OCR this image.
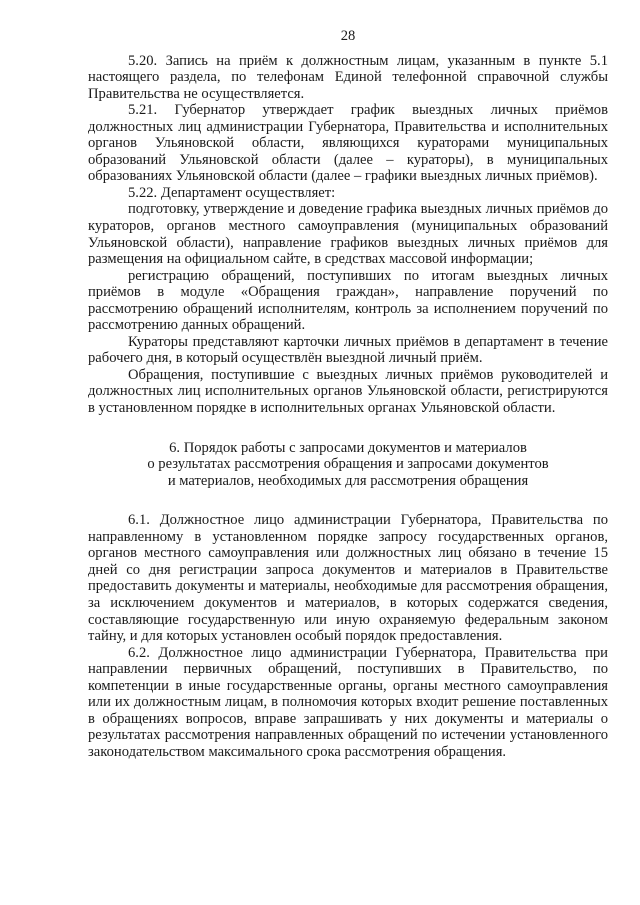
28

5.20. Запись на приём к должностным лицам, указанным в пункте 5.1 настоящего раздела, по телефонам Единой телефонной справочной службы Правительства не осуществляется.

5.21. Губернатор утверждает график выездных личных приёмов должностных лиц администрации Губернатора, Правительства и исполнительных органов Ульяновской области, являющихся кураторами муниципальных образований Ульяновской области (далее – кураторы), в муниципальных образованиях Ульяновской области (далее – графики выездных личных приёмов).

5.22. Департамент осуществляет:

подготовку, утверждение и доведение графика выездных личных приёмов до кураторов, органов местного самоуправления (муниципальных образований Ульяновской области), направление графиков выездных личных приёмов для размещения на официальном сайте, в средствах массовой информации;

регистрацию обращений, поступивших по итогам выездных личных приёмов в модуле «Обращения граждан», направление поручений по рассмотрению обращений исполнителям, контроль за исполнением поручений по рассмотрению данных обращений.

Кураторы представляют карточки личных приёмов в департамент в течение рабочего дня, в который осуществлён выездной личный приём.

Обращения, поступившие с выездных личных приёмов руководителей и должностных лиц исполнительных органов Ульяновской области, регистрируются в установленном порядке в исполнительных органах Ульяновской области.

6. Порядок работы с запросами документов и материалов
о результатах рассмотрения обращения и запросами документов
и материалов, необходимых для рассмотрения обращения

6.1. Должностное лицо администрации Губернатора, Правительства по направленному в установленном порядке запросу государственных органов, органов местного самоуправления или должностных лиц обязано в течение 15 дней со дня регистрации запроса документов и материалов в Правительстве предоставить документы и материалы, необходимые для рассмотрения обращения, за исключением документов и материалов, в которых содержатся сведения, составляющие государственную или иную охраняемую федеральным законом тайну, и для которых установлен особый порядок предоставления.

6.2. Должностное лицо администрации Губернатора, Правительства при направлении первичных обращений, поступивших в Правительство, по компетенции в иные государственные органы, органы местного самоуправления или их должностным лицам, в полномочия которых входит решение поставленных в обращениях вопросов, вправе запрашивать у них документы и материалы о результатах рассмотрения направленных обращений по истечении установленного законодательством максимального срока рассмотрения обращения.
